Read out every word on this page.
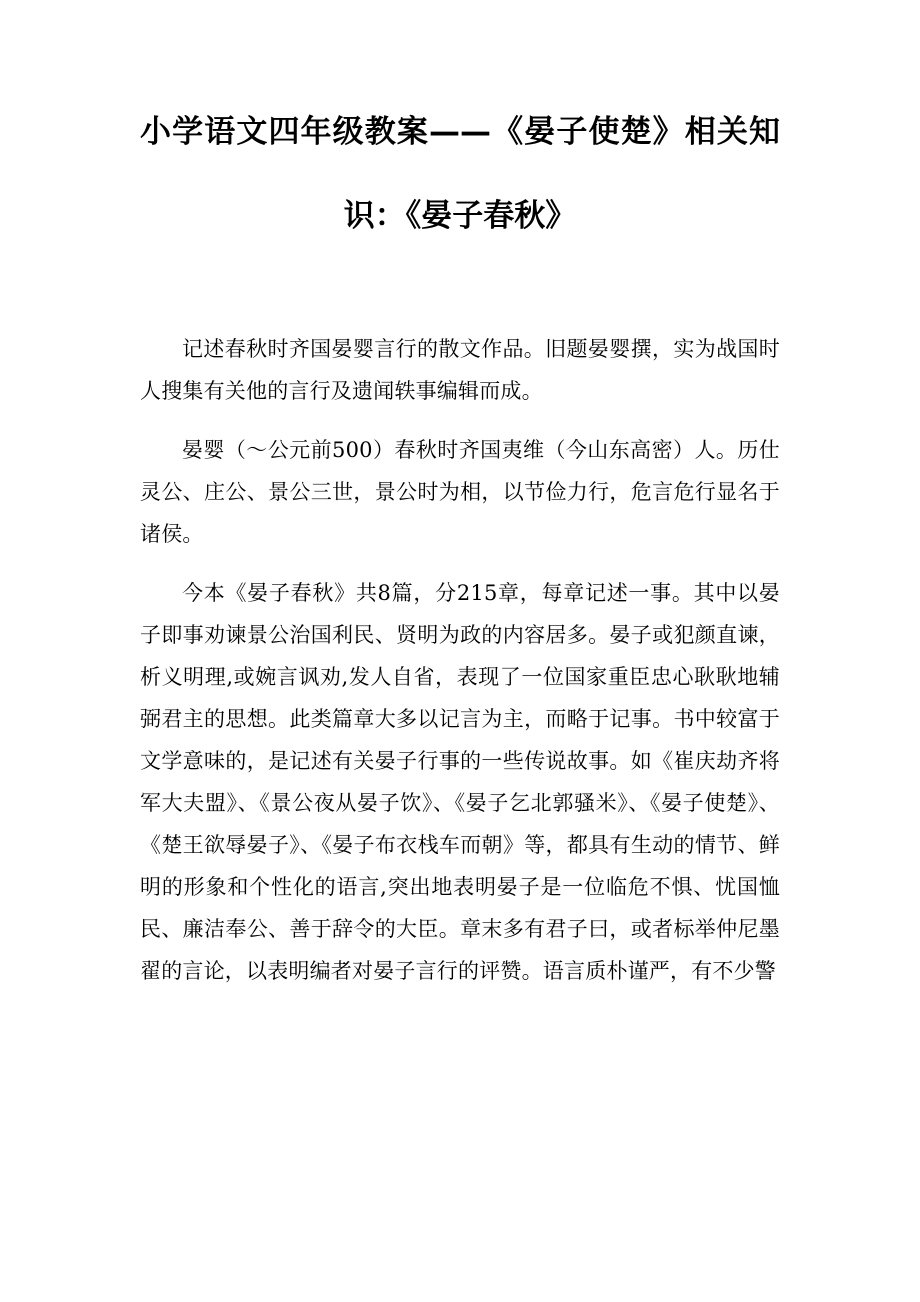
小学语文四年级教案——《晏子使楚》相关知
识：《晏子春秋》

记述春秋时齐国晏婴言行的散文作品。旧题晏婴撰，实为战国时人搜集有关他的言行及遗闻轶事编辑而成。

晏婴（～公元前500）春秋时齐国夷维（今山东高密）人。历仕灵公、庄公、景公三世，景公时为相，以节俭力行，危言危行显名于诸侯。

今本《晏子春秋》共8篇，分215章，每章记述一事。其中以晏子即事劝谏景公治国利民、贤明为政的内容居多。晏子或犯颜直谏，析义明理,或婉言讽劝,发人自省，表现了一位国家重臣忠心耿耿地辅弼君主的思想。此类篇章大多以记言为主，而略于记事。书中较富于文学意味的，是记述有关晏子行事的一些传说故事。如《崔庆劫齐将军大夫盟》、《景公夜从晏子饮》、《晏子乞北郭骚米》、《晏子使楚》、《楚王欲辱晏子》、《晏子布衣栈车而朝》等，都具有生动的情节、鲜明的形象和个性化的语言,突出地表明晏子是一位临危不惧、忧国恤民、廉洁奉公、善于辞令的大臣。章末多有君子曰，或者标举仲尼墨翟的言论，以表明编者对晏子言行的评赞。语言质朴谨严，有不少警
